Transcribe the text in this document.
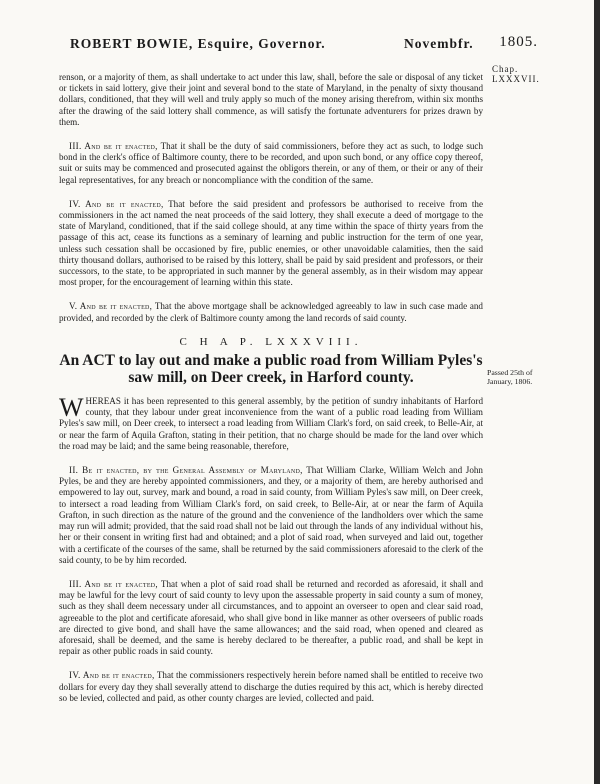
ROBERT BOWIE, Esquire, Governor.	Novembfr. 1805.
Chap. LXXXVII.

renson, or a majority of them, as shall undertake to act under this law, shall, before the sale or disposal of any ticket or tickets in said lottery, give their joint and several bond to the state of Maryland, in the penalty of sixty thousand dollars, conditioned, that they will well and truly apply so much of the money arising therefrom, within six months after the drawing of the said lottery shall commence, as will satisfy the fortunate adventurers for prizes drawn by them.

III. And be it enacted, That it shall be the duty of said commissioners, before they act as such, to lodge such bond in the clerk's office of Baltimore county, there to be recorded, and upon such bond, or any office copy thereof, suit or suits may be commenced and prosecuted against the obligors therein, or any of them, or their or any of their legal representatives, for any breach or noncompliance with the condition of the same.

IV. And be it enacted, That before the said president and professors be authorised to receive from the commissioners in the act named the neat proceeds of the said lottery, they shall execute a deed of mortgage to the state of Maryland, conditioned, that if the said college should, at any time within the space of thirty years from the passage of this act, cease its functions as a seminary of learning and public instruction for the term of one year, unless such cessation shall be occasioned by fire, public enemies, or other unavoidable calamities, then the said thirty thousand dollars, authorised to be raised by this lottery, shall be paid by said president and professors, or their successors, to the state, to be appropriated in such manner by the general assembly, as in their wisdom may appear most proper, for the encouragement of learning within this state.

V. And be it enacted, That the above mortgage shall be acknowledged agreeably to law in such case made and provided, and recorded by the clerk of Baltimore county among the land records of said county.

C H A P. LXXXVIII.
An ACT to lay out and make a public road from William Pyles's saw mill, on Deer creek, in Harford county.

WHEREAS it has been represented to this general assembly, by the petition of sundry inhabitants of Harford county, that they labour under great inconvenience from the want of a public road leading from William Pyles's saw mill, on Deer creek, to intersect a road leading from William Clark's ford, on said creek, to Belle-Air, at or near the farm of Aquila Grafton, stating in their petition, that no charge should be made for the land over which the road may be laid; and the same being reasonable, therefore,

II. Be it enacted, by the General Assembly of Maryland, That William Clarke, William Welch and John Pyles, be and they are hereby appointed commissioners, and they, or a majority of them, are hereby authorised and empowered to lay out, survey, mark and bound, a road in said county, from William Pyles's saw mill, on Deer creek, to intersect a road leading from William Clark's ford, on said creek, to Belle-Air, at or near the farm of Aquila Grafton, in such direction as the nature of the ground and the convenience of the landholders over which the same may run will admit; provided, that the said road shall not be laid out through the lands of any individual without his, her or their consent in writing first had and obtained; and a plot of said road, when surveyed and laid out, together with a certificate of the courses of the same, shall be returned by the said commissioners aforesaid to the clerk of the said county, to be by him recorded.

III. And be it enacted, That when a plot of said road shall be returned and recorded as aforesaid, it shall and may be lawful for the levy court of said county to levy upon the assessable property in said county a sum of money, such as they shall deem necessary under all circumstances, and to appoint an overseer to open and clear said road, agreeable to the plot and certificate aforesaid, who shall give bond in like manner as other overseers of public roads are directed to give bond, and shall have the same allowances; and the said road, when opened and cleared as aforesaid, shall be deemed, and the same is hereby declared to be thereafter, a public road, and shall be kept in repair as other public roads in said county.

IV. And be it enacted, That the commissioners respectively herein before named shall be entitled to receive two dollars for every day they shall severally attend to discharge the duties required by this act, which is hereby directed so be levied, collected and paid, as other county charges are levied, collected and paid.

Passed 25th of January, 1806.
